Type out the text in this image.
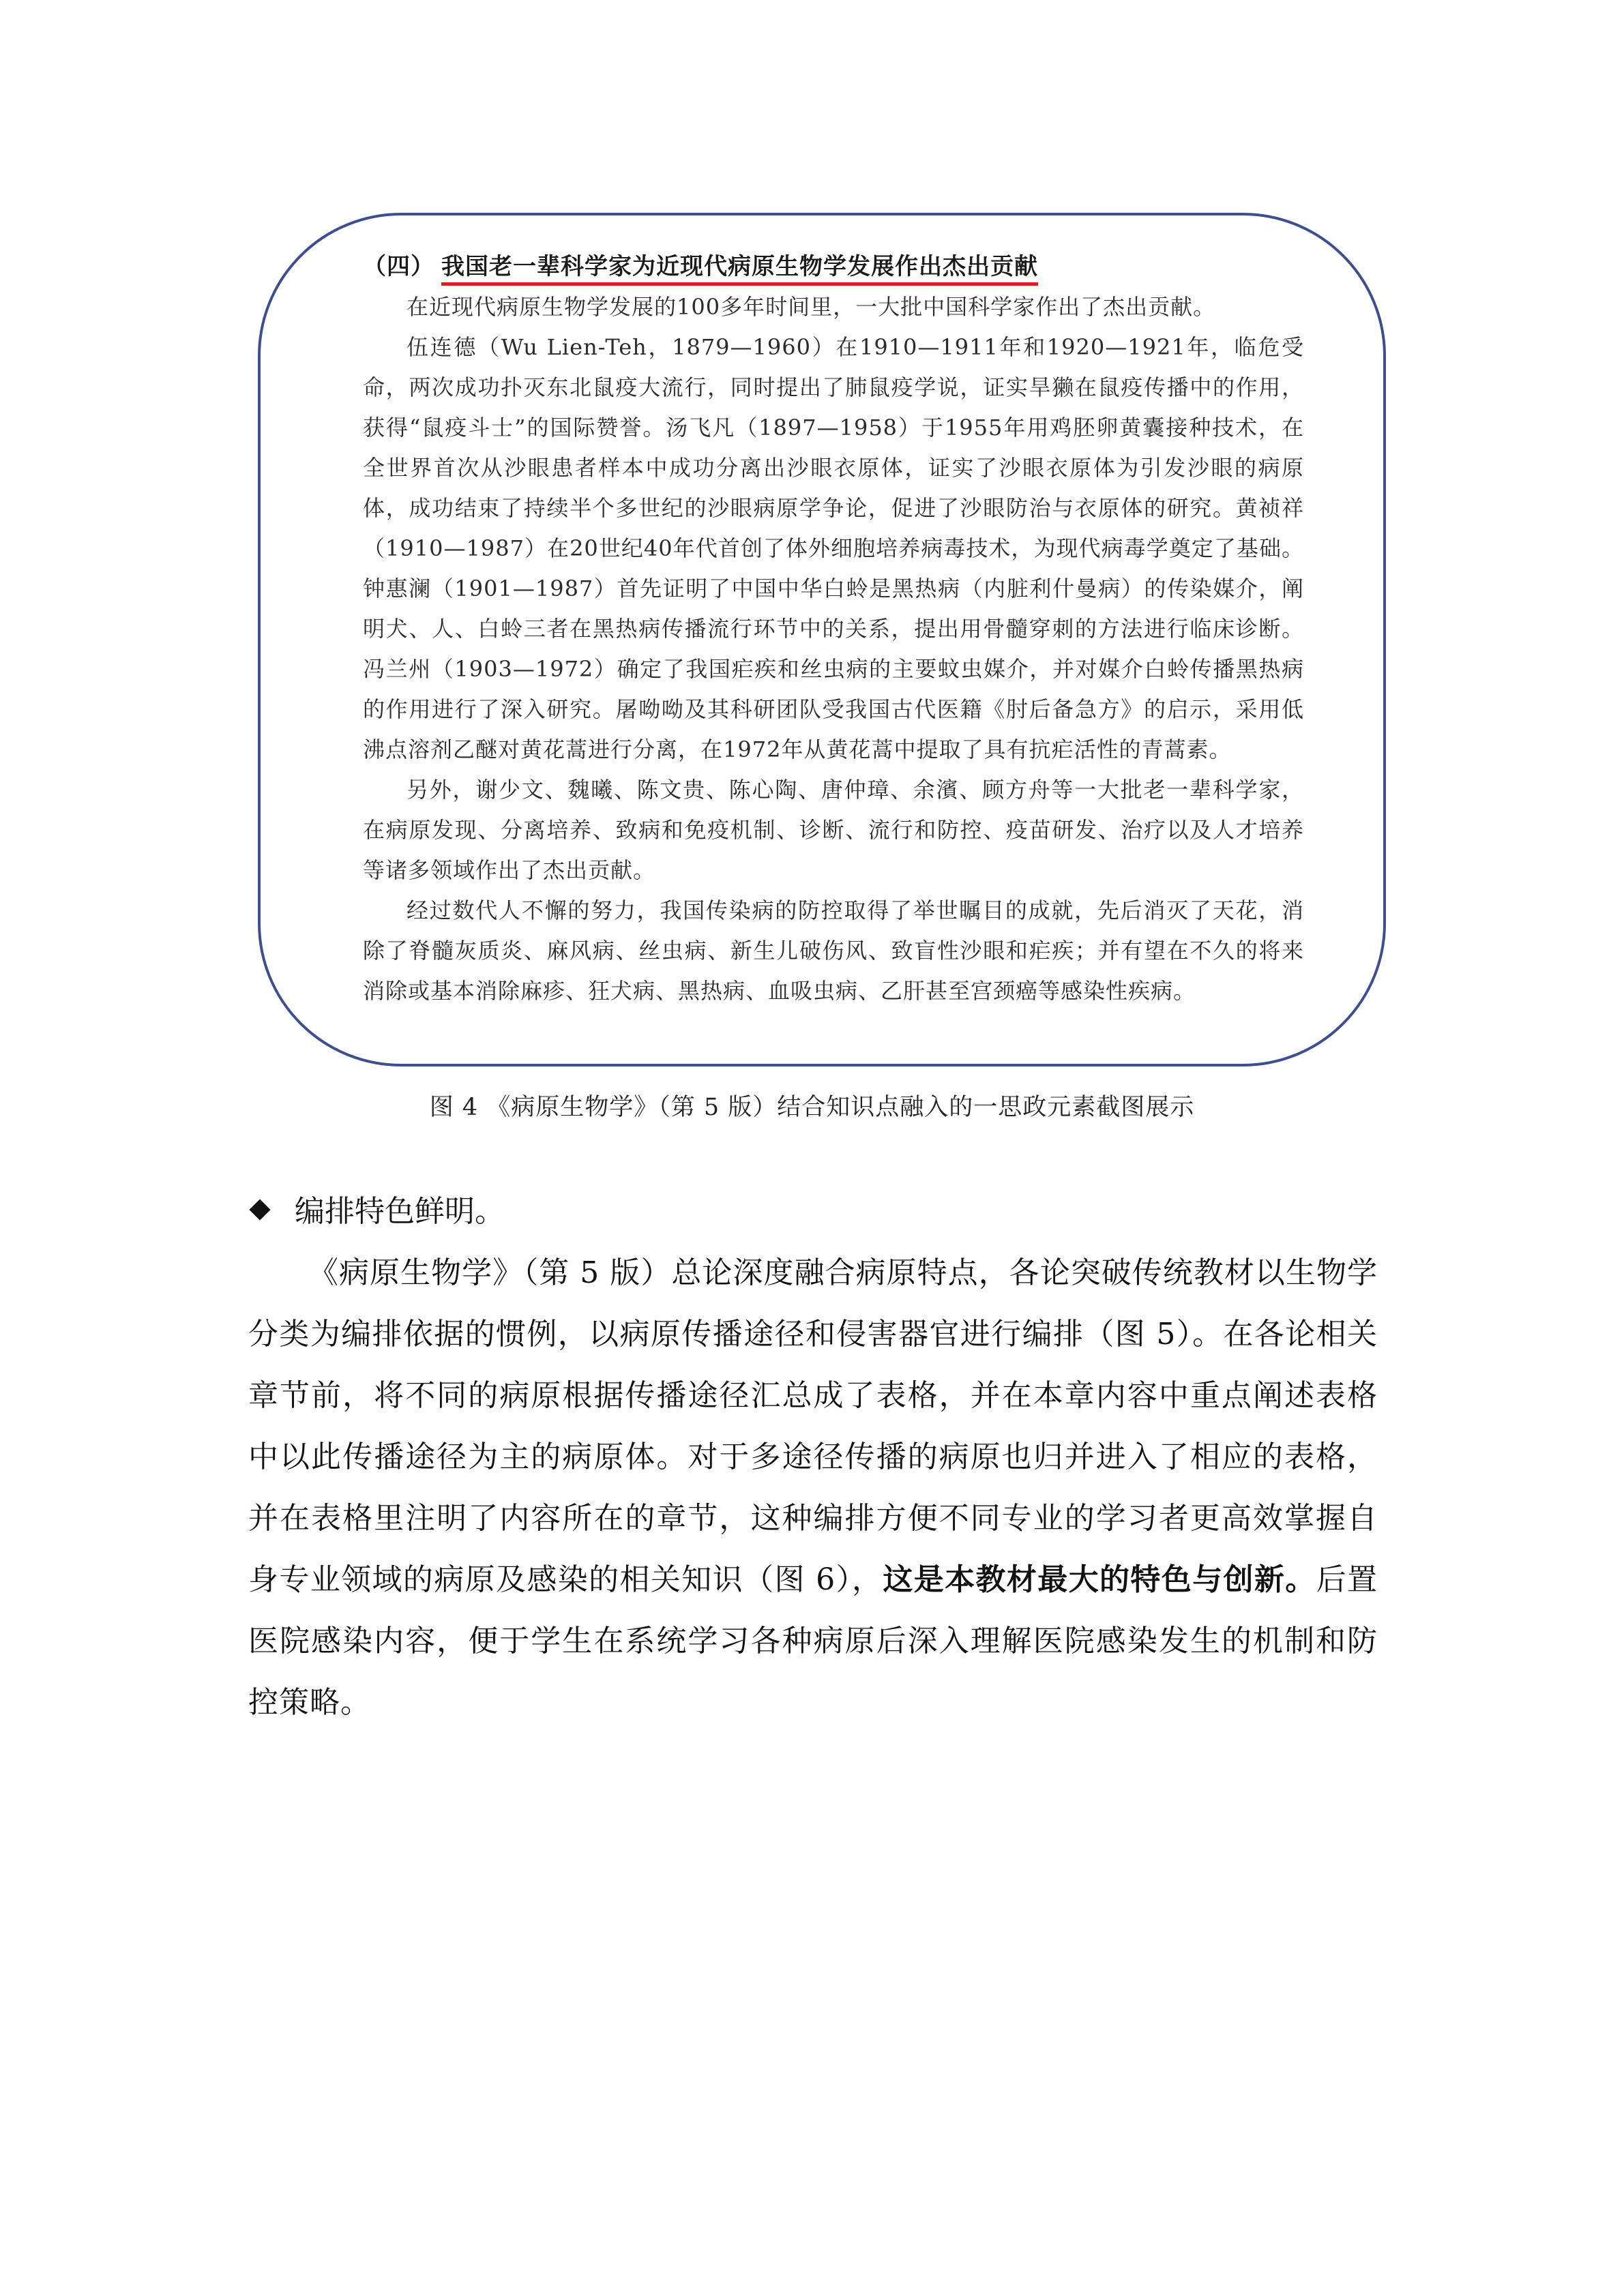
（四） 我国老一辈科学家为近现代病原生物学发展作出杰出贡献

在近现代病原生物学发展的100多年时间里，一大批中国科学家作出了杰出贡献。

伍连德（Wu Lien-Teh，1879—1960）在1910—1911年和1920—1921年，临危受命，两次成功扑灭东北鼠疫大流行，同时提出了肺鼠疫学说，证实旱獭在鼠疫传播中的作用，获得“鼠疫斗士”的国际赞誉。汤飞凡（1897—1958）于1955年用鸡胚卵黄囊接种技术，在全世界首次从沙眼患者样本中成功分离出沙眼衣原体，证实了沙眼衣原体为引发沙眼的病原体，成功结束了持续半个多世纪的沙眼病原学争论，促进了沙眼防治与衣原体的研究。黄祯祥（1910—1987）在20世纪40年代首创了体外细胞培养病毒技术，为现代病毒学奠定了基础。钟惠澜（1901—1987）首先证明了中国中华白蛉是黑热病（内脏利什曼病）的传染媒介，阐明犬、人、白蛉三者在黑热病传播流行环节中的关系，提出用骨髓穿刺的方法进行临床诊断。冯兰州（1903—1972）确定了我国疟疾和丝虫病的主要蚊虫媒介，并对媒介白蛉传播黑热病的作用进行了深入研究。屠呦呦及其科研团队受我国古代医籍《肘后备急方》的启示，采用低沸点溶剂乙醚对黄花蒿进行分离，在1972年从黄花蒿中提取了具有抗疟活性的青蒿素。

另外，谢少文、魏曦、陈文贵、陈心陶、唐仲璋、余濱、顾方舟等一大批老一辈科学家，在病原发现、分离培养、致病和免疫机制、诊断、流行和防控、疫苗研发、治疗以及人才培养等诸多领域作出了杰出贡献。

经过数代人不懈的努力，我国传染病的防控取得了举世瞩目的成就，先后消灭了天花，消除了脊髓灰质炎、麻风病、丝虫病、新生儿破伤风、致盲性沙眼和疟疾；并有望在不久的将来消除或基本消除麻疹、狂犬病、黑热病、血吸虫病、乙肝甚至宫颈癌等感染性疾病。

图 4 《病原生物学》（第 5 版）结合知识点融入的一思政元素截图展示
编排特色鲜明。

《病原生物学》（第 5 版）总论深度融合病原特点，各论突破传统教材以生物学分类为编排依据的惯例，以病原传播途径和侵害器官进行编排（图 5）。在各论相关章节前，将不同的病原根据传播途径汇总成了表格，并在本章内容中重点阐述表格中以此传播途径为主的病原体。对于多途径传播的病原也归并进入了相应的表格，并在表格里注明了内容所在的章节，这种编排方便不同专业的学习者更高效掌握自身专业领域的病原及感染的相关知识（图 6），这是本教材最大的特色与创新。后置医院感染内容，便于学生在系统学习各种病原后深入理解医院感染发生的机制和防控策略。
